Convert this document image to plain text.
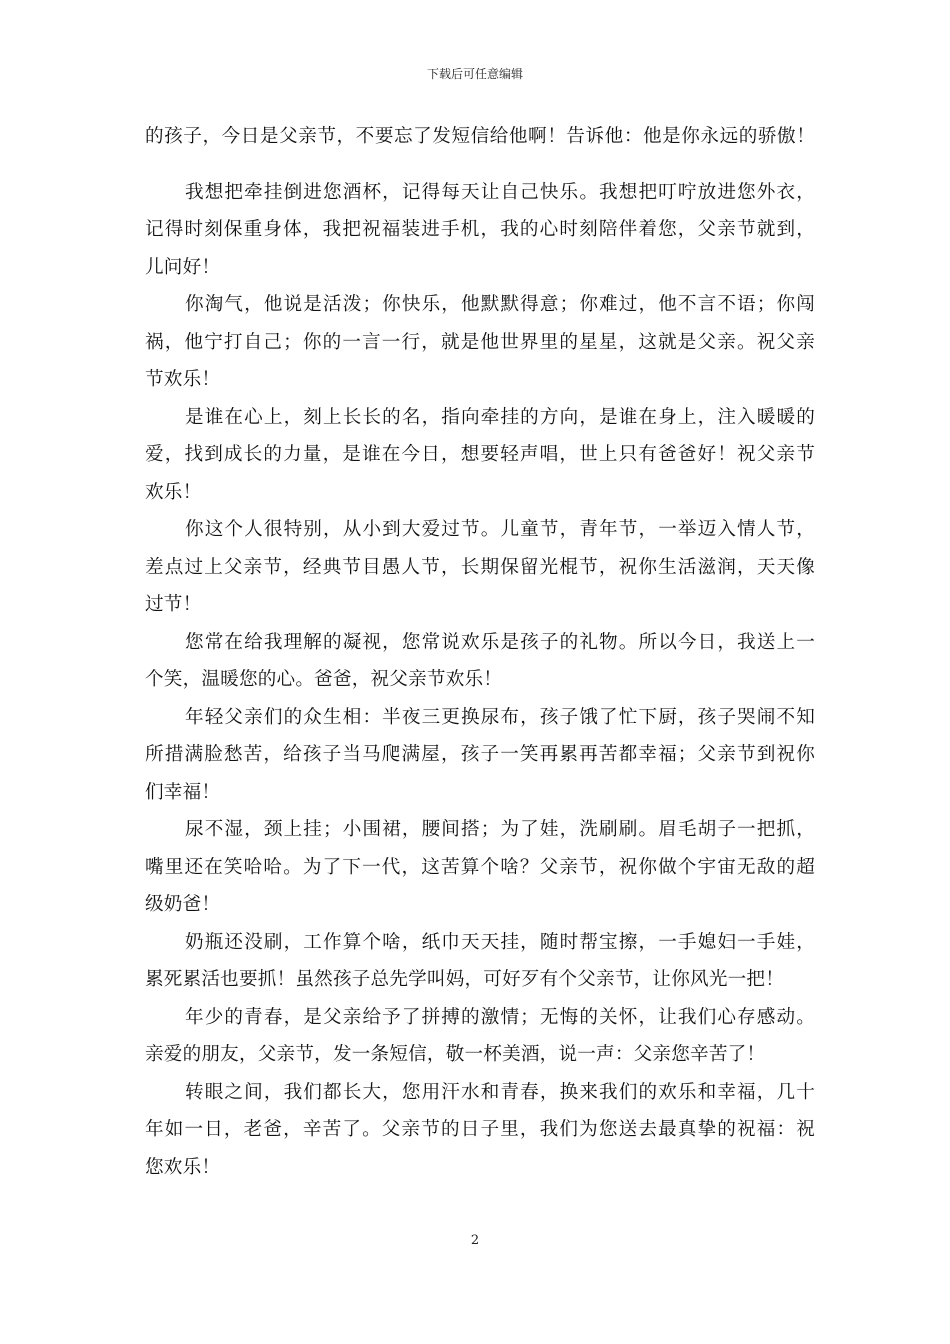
下载后可任意编辑
的孩子，今日是父亲节，不要忘了发短信给他啊！告诉他：他是你永远的骄傲！
我想把牵挂倒进您酒杯，记得每天让自己快乐。我想把叮咛放进您外衣，
记得时刻保重身体，我把祝福装进手机，我的心时刻陪伴着您，父亲节就到，
儿问好！
你淘气，他说是活泼；你快乐，他默默得意；你难过，他不言不语；你闯
祸，他宁打自己；你的一言一行，就是他世界里的星星，这就是父亲。祝父亲
节欢乐！
是谁在心上，刻上长长的名，指向牵挂的方向，是谁在身上，注入暖暖的
爱，找到成长的力量，是谁在今日，想要轻声唱，世上只有爸爸好！祝父亲节
欢乐！
你这个人很特别，从小到大爱过节。儿童节，青年节，一举迈入情人节，
差点过上父亲节，经典节目愚人节，长期保留光棍节，祝你生活滋润，天天像
过节！
您常在给我理解的凝视，您常说欢乐是孩子的礼物。所以今日，我送上一
个笑，温暖您的心。爸爸，祝父亲节欢乐！
年轻父亲们的众生相：半夜三更换尿布，孩子饿了忙下厨，孩子哭闹不知
所措满脸愁苦，给孩子当马爬满屋，孩子一笑再累再苦都幸福；父亲节到祝你
们幸福！
尿不湿，颈上挂；小围裙，腰间搭；为了娃，洗刷刷。眉毛胡子一把抓，
嘴里还在笑哈哈。为了下一代，这苦算个啥？父亲节，祝你做个宇宙无敌的超
级奶爸！
奶瓶还没刷，工作算个啥，纸巾天天挂，随时帮宝擦，一手媳妇一手娃，
累死累活也要抓！虽然孩子总先学叫妈，可好歹有个父亲节，让你风光一把！
年少的青春，是父亲给予了拼搏的激情；无悔的关怀，让我们心存感动。
亲爱的朋友，父亲节，发一条短信，敬一杯美酒，说一声：父亲您辛苦了！
转眼之间，我们都长大，您用汗水和青春，换来我们的欢乐和幸福，几十
年如一日，老爸，辛苦了。父亲节的日子里，我们为您送去最真挚的祝福：祝
您欢乐！
2
